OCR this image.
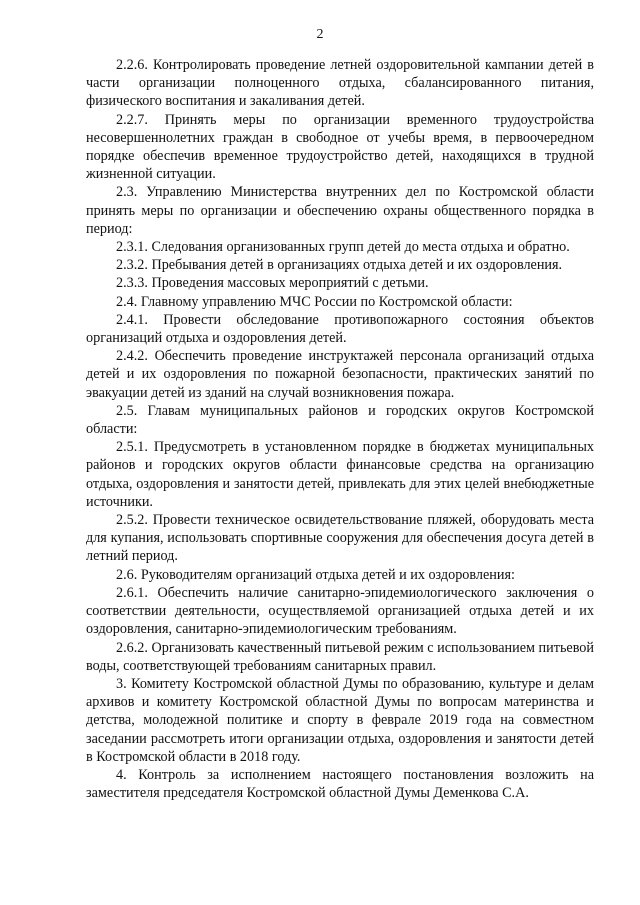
2

2.2.6. Контролировать проведение летней оздоровительной кампании детей в части организации полноценного отдыха, сбалансированного питания, физического воспитания и закаливания детей.

2.2.7. Принять меры по организации временного трудоустройства несовершеннолетних граждан в свободное от учебы время, в первоочередном порядке обеспечив временное трудоустройство детей, находящихся в трудной жизненной ситуации.

2.3. Управлению Министерства внутренних дел по Костромской области принять меры по организации и обеспечению охраны общественного порядка в период:

2.3.1. Следования организованных групп детей до места отдыха и обратно.

2.3.2. Пребывания детей в организациях отдыха детей и их оздоровления.

2.3.3. Проведения массовых мероприятий с детьми.

2.4. Главному управлению МЧС России по Костромской области:

2.4.1. Провести обследование противопожарного состояния объектов организаций отдыха и оздоровления детей.

2.4.2. Обеспечить проведение инструктажей персонала организаций отдыха детей и их оздоровления по пожарной безопасности, практических занятий по эвакуации детей из зданий на случай возникновения пожара.

2.5. Главам муниципальных районов и городских округов Костромской области:

2.5.1. Предусмотреть в установленном порядке в бюджетах муниципальных районов и городских округов области финансовые средства на организацию отдыха, оздоровления и занятости детей, привлекать для этих целей внебюджетные источники.

2.5.2. Провести техническое освидетельствование пляжей, оборудовать места для купания, использовать спортивные сооружения для обеспечения досуга детей в летний период.

2.6. Руководителям организаций отдыха детей и их оздоровления:

2.6.1. Обеспечить наличие санитарно-эпидемиологического заключения о соответствии деятельности, осуществляемой организацией отдыха детей и их оздоровления, санитарно-эпидемиологическим требованиям.

2.6.2. Организовать качественный питьевой режим с использованием питьевой воды, соответствующей требованиям санитарных правил.

3. Комитету Костромской областной Думы по образованию, культуре и делам архивов и комитету Костромской областной Думы по вопросам материнства и детства, молодежной политике и спорту в феврале 2019 года на совместном заседании рассмотреть итоги организации отдыха, оздоровления и занятости детей в Костромской области в 2018 году.

4. Контроль за исполнением настоящего постановления возложить на заместителя председателя Костромской областной Думы Деменкова С.А.
